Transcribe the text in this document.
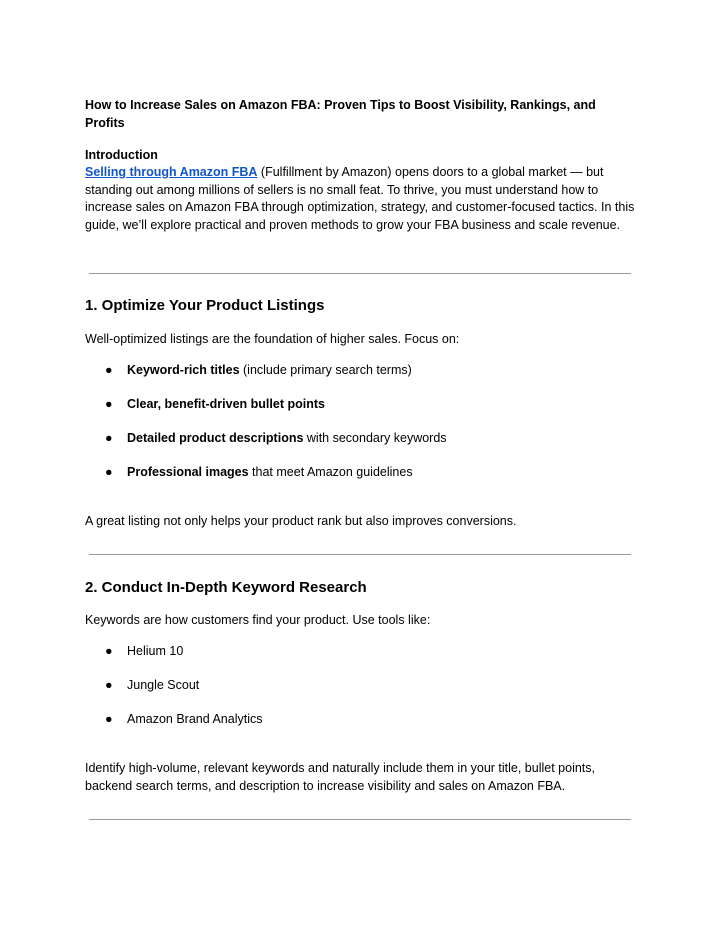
How to Increase Sales on Amazon FBA: Proven Tips to Boost Visibility, Rankings, and Profits
Introduction
Selling through Amazon FBA (Fulfillment by Amazon) opens doors to a global market — but standing out among millions of sellers is no small feat. To thrive, you must understand how to increase sales on Amazon FBA through optimization, strategy, and customer-focused tactics. In this guide, we’ll explore practical and proven methods to grow your FBA business and scale revenue.
1. Optimize Your Product Listings
Well-optimized listings are the foundation of higher sales. Focus on:
● Keyword-rich titles (include primary search terms)
● Clear, benefit-driven bullet points
● Detailed product descriptions with secondary keywords
● Professional images that meet Amazon guidelines
A great listing not only helps your product rank but also improves conversions.
2. Conduct In-Depth Keyword Research
Keywords are how customers find your product. Use tools like:
● Helium 10
● Jungle Scout
● Amazon Brand Analytics
Identify high-volume, relevant keywords and naturally include them in your title, bullet points, backend search terms, and description to increase visibility and sales on Amazon FBA.
